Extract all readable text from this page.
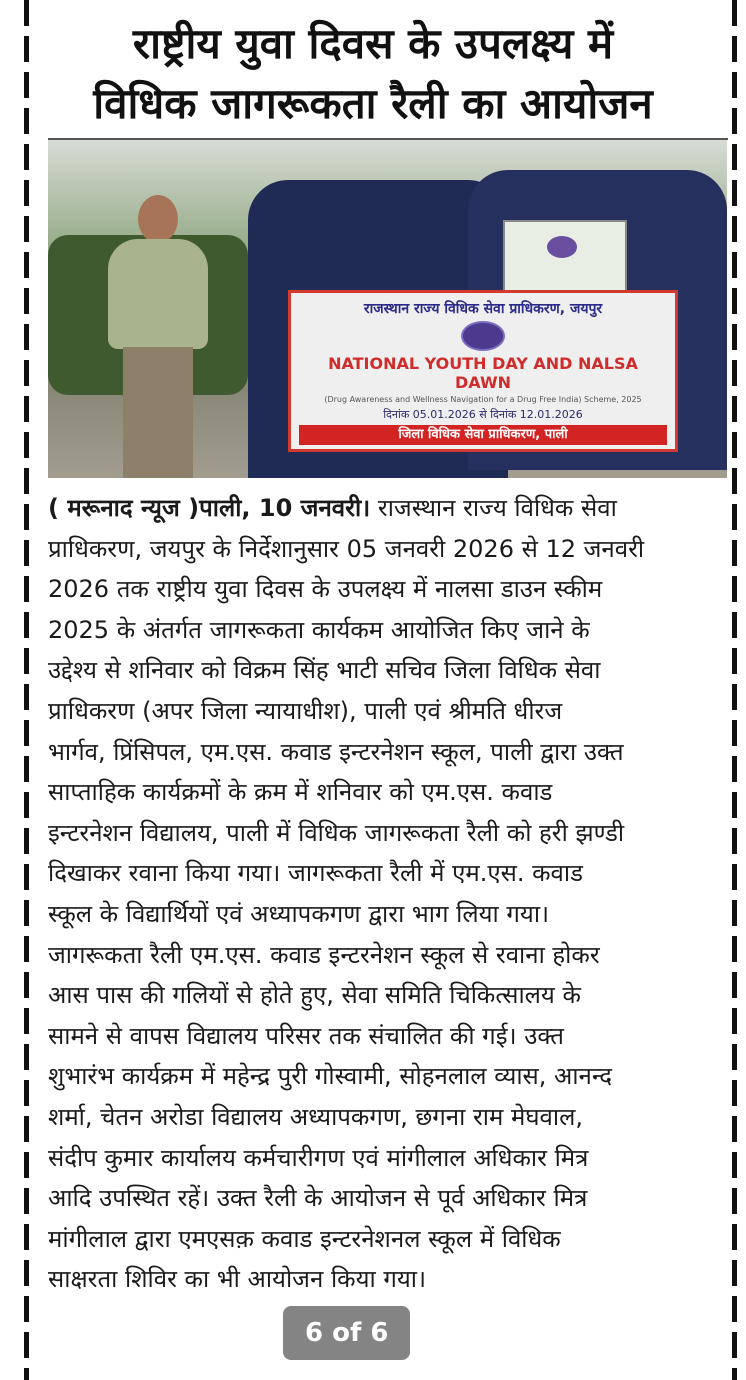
राष्ट्रीय युवा दिवस के उपलक्ष्य में
विधिक जागरूकता रैली का आयोजन
राजस्थान राज्य विधिक सेवा प्राधिकरण, जयपुर
NATIONAL YOUTH DAY AND NALSA DAWN
(Drug Awareness and Wellness Navigation for a Drug Free India) Scheme, 2025
दिनांक 05.01.2026 से दिनांक 12.01.2026
जिला विधिक सेवा प्राधिकरण, पाली
( मरूनाद न्यूज )पाली, 10 जनवरी। राजस्थान राज्य विधिक सेवा
प्राधिकरण, जयपुर के निर्देशानुसार 05 जनवरी 2026 से 12 जनवरी
2026 तक राष्ट्रीय युवा दिवस के उपलक्ष्य में नालसा डाउन स्कीम
2025 के अंतर्गत जागरूकता कार्यकम आयोजित किए जाने के
उद्देश्य से शनिवार को विक्रम सिंह भाटी सचिव जिला विधिक सेवा
प्राधिकरण (अपर जिला न्यायाधीश), पाली एवं श्रीमति धीरज
भार्गव, प्रिंसिपल, एम.एस. कवाड इन्टरनेशन स्कूल, पाली द्वारा उक्त
साप्ताहिक कार्यक्रमों के क्रम में शनिवार को एम.एस. कवाड
इन्टरनेशन विद्यालय, पाली में विधिक जागरूकता रैली को हरी झण्डी
दिखाकर रवाना किया गया। जागरूकता रैली में एम.एस. कवाड
स्कूल के विद्यार्थियों एवं अध्यापकगण द्वारा भाग लिया गया।
जागरूकता रैली एम.एस. कवाड इन्टरनेशन स्कूल से रवाना होकर
आस पास की गलियों से होते हुए, सेवा समिति चिकित्सालय के
सामने से वापस विद्यालय परिसर तक संचालित की गई। उक्त
शुभारंभ कार्यक्रम में महेन्द्र पुरी गोस्वामी, सोहनलाल व्यास, आनन्द
शर्मा, चेतन अरोडा विद्यालय अध्यापकगण, छगना राम मेघवाल,
संदीप कुमार कार्यालय कर्मचारीगण एवं मांगीलाल अधिकार मित्र
आदि उपस्थित रहें। उक्त रैली के आयोजन से पूर्व अधिकार मित्र
मांगीलाल द्वारा एमएसक़ कवाड इन्टरनेशनल स्कूल में विधिक
साक्षरता शिविर का भी आयोजन किया गया।
6 of 6
